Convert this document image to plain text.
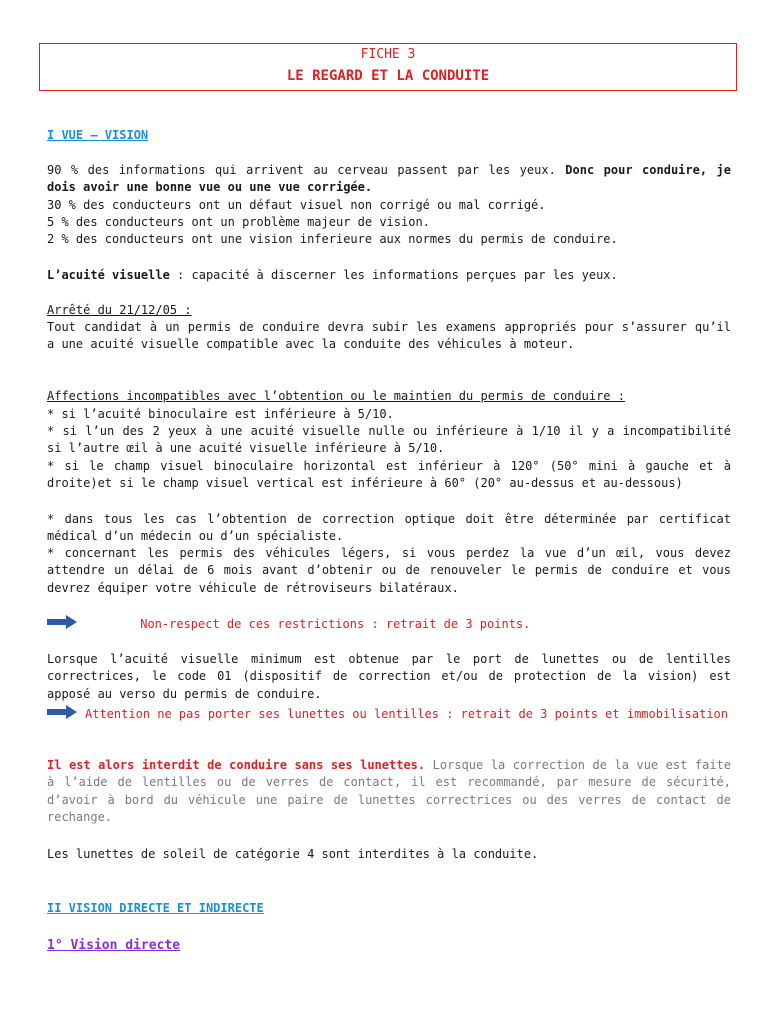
FICHE 3
LE REGARD ET LA CONDUITE
I VUE – VISION
90 % des informations qui arrivent au cerveau passent par les yeux. Donc pour conduire, je dois avoir une bonne vue ou une vue corrigée.
30 % des conducteurs ont un défaut visuel non corrigé ou mal corrigé.
5 % des conducteurs ont un problème majeur de vision.
2 % des conducteurs ont une vision inferieure aux normes du permis de conduire.
L’acuité visuelle : capacité à discerner les informations perçues par les yeux.
Arrêté du 21/12/05 :
Tout candidat à un permis de conduire devra subir les examens appropriés pour s’assurer qu’il a une acuité visuelle compatible avec la conduite des véhicules à moteur.
Affections incompatibles avec l’obtention ou le maintien du permis de conduire :
* si l’acuité binoculaire est inférieure à 5/10.
* si l’un des 2 yeux à une acuité visuelle nulle ou inférieure à 1/10 il y a incompatibilité si l’autre œil à une acuité visuelle inférieure à 5/10.
* si le champ visuel binoculaire horizontal est inférieur à 120° (50° mini à gauche et à droite)et si le champ visuel vertical est inférieure à 60° (20° au-dessus et au-dessous)
* dans tous les cas l’obtention de correction optique doit être déterminée par certificat médical d’un médecin ou d’un spécialiste.
* concernant les permis des véhicules légers, si vous perdez la vue d’un œil, vous devez attendre un délai de 6 mois avant d’obtenir ou de renouveler le permis de conduire et vous devrez équiper votre véhicule de rétroviseurs bilatéraux.
Non-respect de ces restrictions : retrait de 3 points.
Lorsque l’acuité visuelle minimum est obtenue par le port de lunettes ou de lentilles correctrices, le code 01 (dispositif de correction et/ou de protection de la vision) est apposé au verso du permis de conduire.
Attention ne pas porter ses lunettes ou lentilles : retrait de 3 points et immobilisation
Il est alors interdit de conduire sans ses lunettes. Lorsque la correction de la vue est faite à l’aide de lentilles ou de verres de contact, il est recommandé, par mesure de sécurité, d’avoir à bord du véhicule une paire de lunettes correctrices ou des verres de contact de rechange.
Les lunettes de soleil de catégorie 4 sont interdites à la conduite.
II VISION DIRECTE ET INDIRECTE
1° Vision directe
